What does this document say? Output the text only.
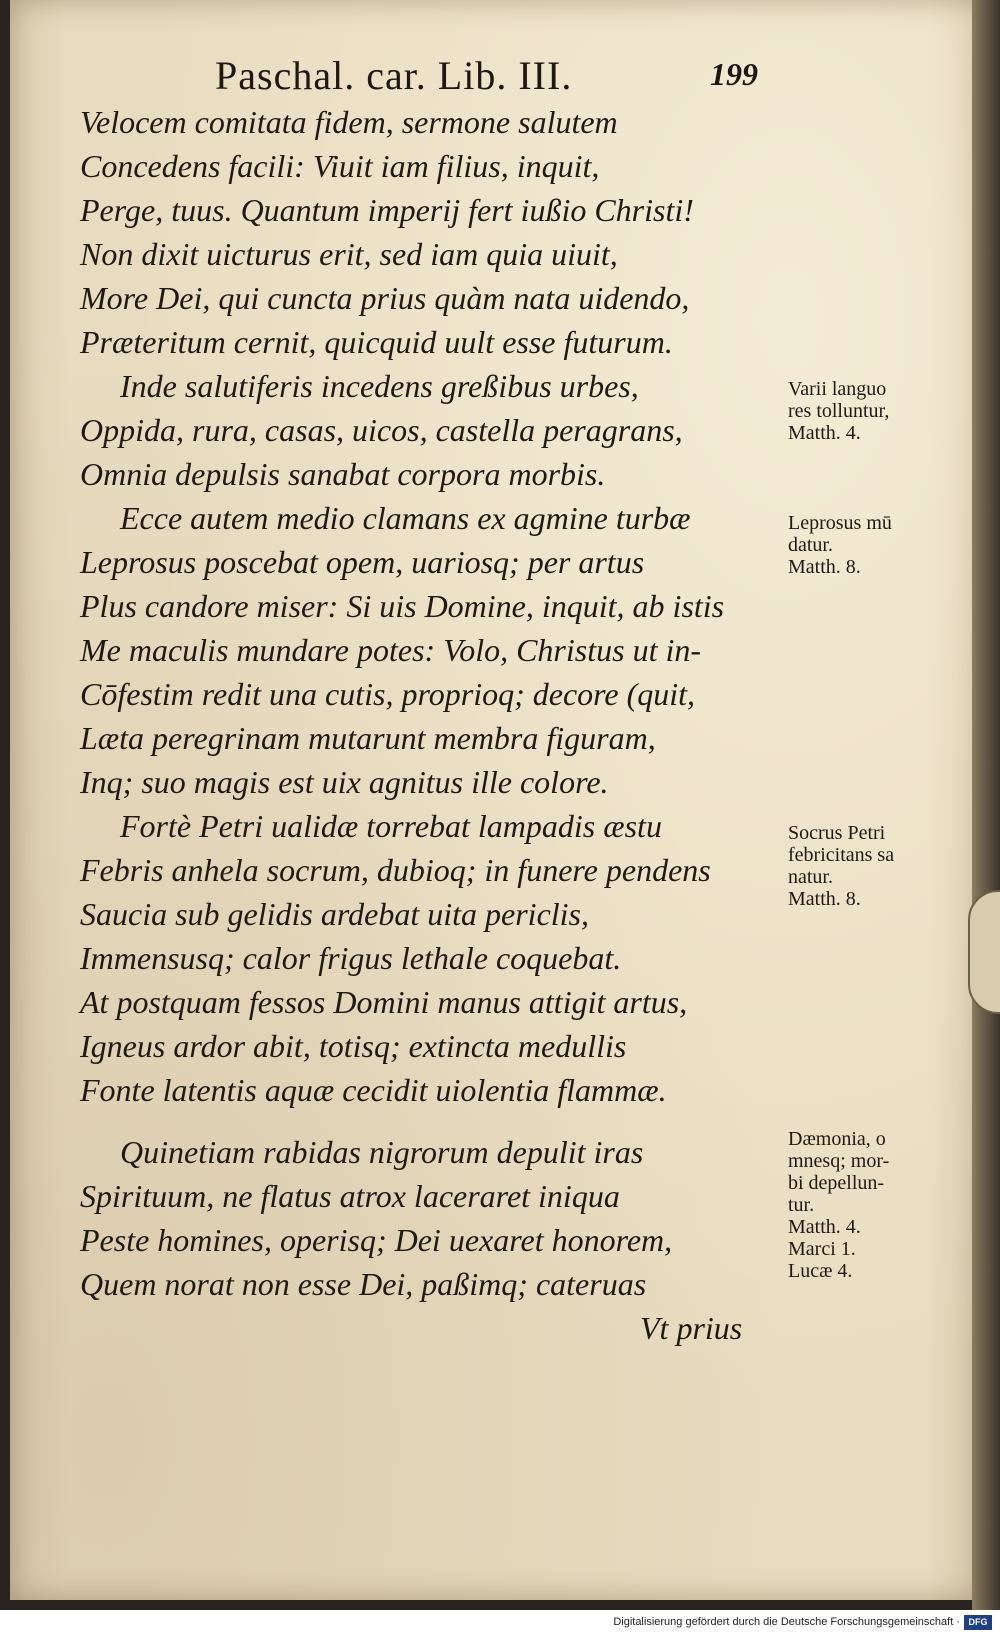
Paschal. car. Lib. III.	199
Velocem comitata fidem, sermone salutem
Concedens facili: Viuit iam filius, inquit,
Perge, tuus. Quantum imperij fert iußio Christi!
Non dixit uicturus erit, sed iam quia uiuit,
More Dei, qui cuncta prius quàm nata uidendo,
Præteritum cernit, quicquid uult esse futurum.
Inde salutiferis incedens greßibus urbes,
Oppida, rura, casas, uicos, castella peragrans,
Omnia depulsis sanabat corpora morbis.
Ecce autem medio clamans ex agmine turbæ
Leprosus poscebat opem, uariosq; per artus
Plus candore miser: Si uis Domine, inquit, ab istis
Me maculis mundare potes: Volo, Christus ut in-
Cōfestim redit una cutis, proprioq; decore (quit,
Læta peregrinam mutarunt membra figuram,
Inq; suo magis est uix agnitus ille colore.
Fortè Petri ualidæ torrebat lampadis æstu
Febris anhela socrum, dubioq; in funere pendens
Saucia sub gelidis ardebat uita periclis,
Immensusq; calor frigus lethale coquebat.
At postquam fessos Domini manus attigit artus,
Igneus ardor abit, totisq; extincta medullis
Fonte latentis aquæ cecidit uiolentia flammæ.
Quinetiam rabidas nigrorum depulit iras
Spirituum, ne flatus atrox laceraret iniqua
Peste homines, operisq; Dei uexaret honorem,
Quem norat non esse Dei, paßimq; cateruas
Vt prius
Varii languo
res tolluntur,
Matth. 4.
Leprosus mū
datur.
Matth. 8.
Socrus Petri
febricitans sa
natur.
Matth. 8.
Dæmonia, o
mnesq; mor-
bi depellun-
tur.
Matth. 4.
Marci 1.
Lucæ 4.
Digitalisierung gefördert durch die Deutsche Forschungsgemeinschaft · DFG
